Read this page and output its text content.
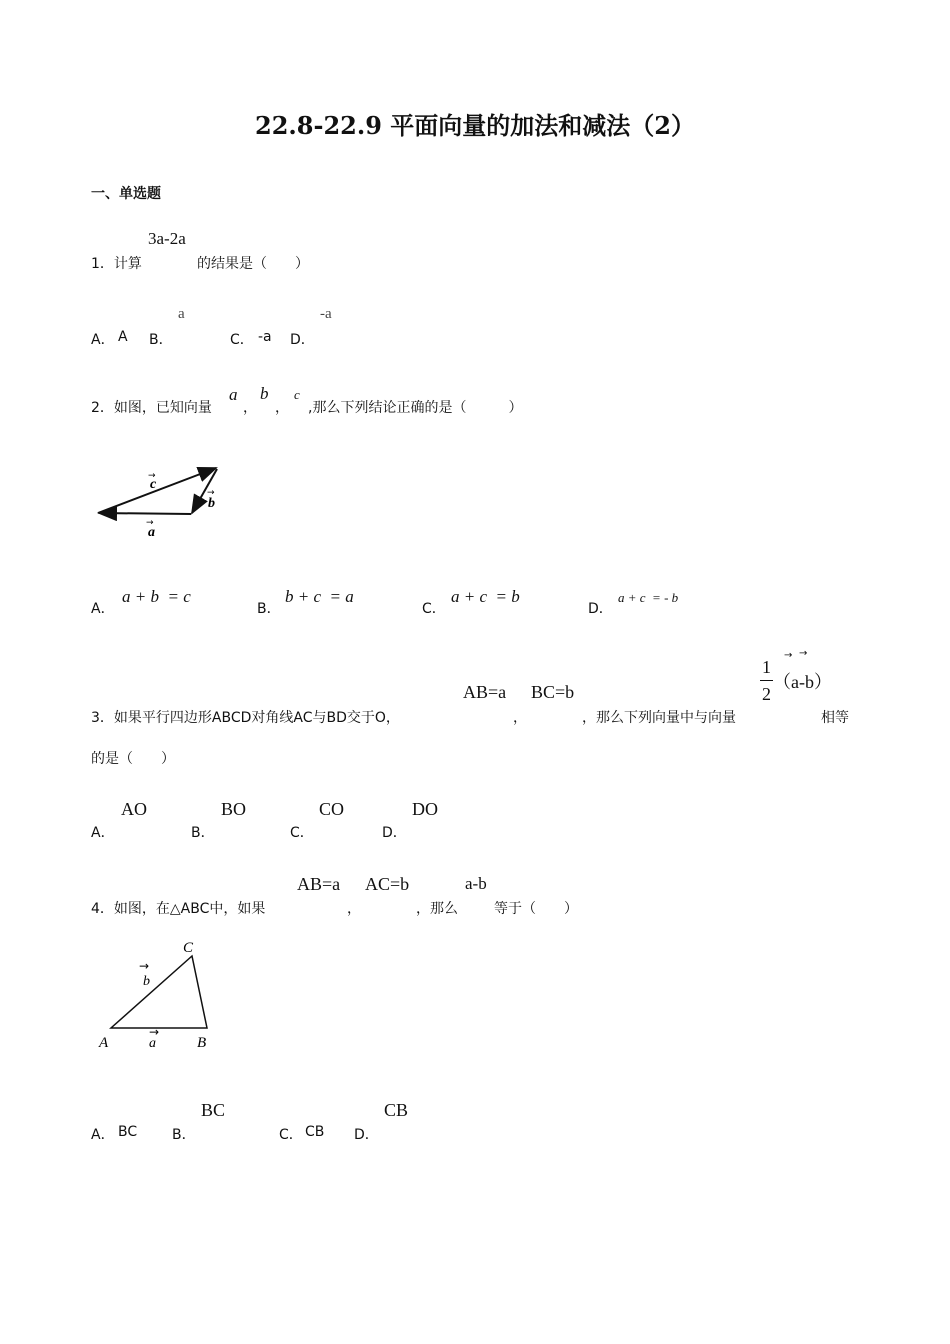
22.8-22.9 平面向量的加法和减法（2）
一、单选题
3a-2a
1．计算	的结果是（　　）
a	-a
A． A B．	C． -a D．
2．如图，已知向量
a
，
b
，
c
,那么下列结论正确的是（　　　）
c
b
a
→
→
→
A．
a + b  = c
B．
b + c  = a
C．
a + c  = b
D．
a + c  = - b
AB=a BC=b
1
2
→ →
（a-b）
3．如果平行四边形ABCD对角线AC与BD交于O，	，	，那么下列向量中与向量	相等
的是（　　）
AO	BO	CO	DO
A．	B．	C．	D．
AB=a AC=b	a-b
4．如图，在△ABC中，如果	，	，那么	等于（　　）
C
A	B
b
a
→
→
BC	CB
A． BC B．	C． CB D．
